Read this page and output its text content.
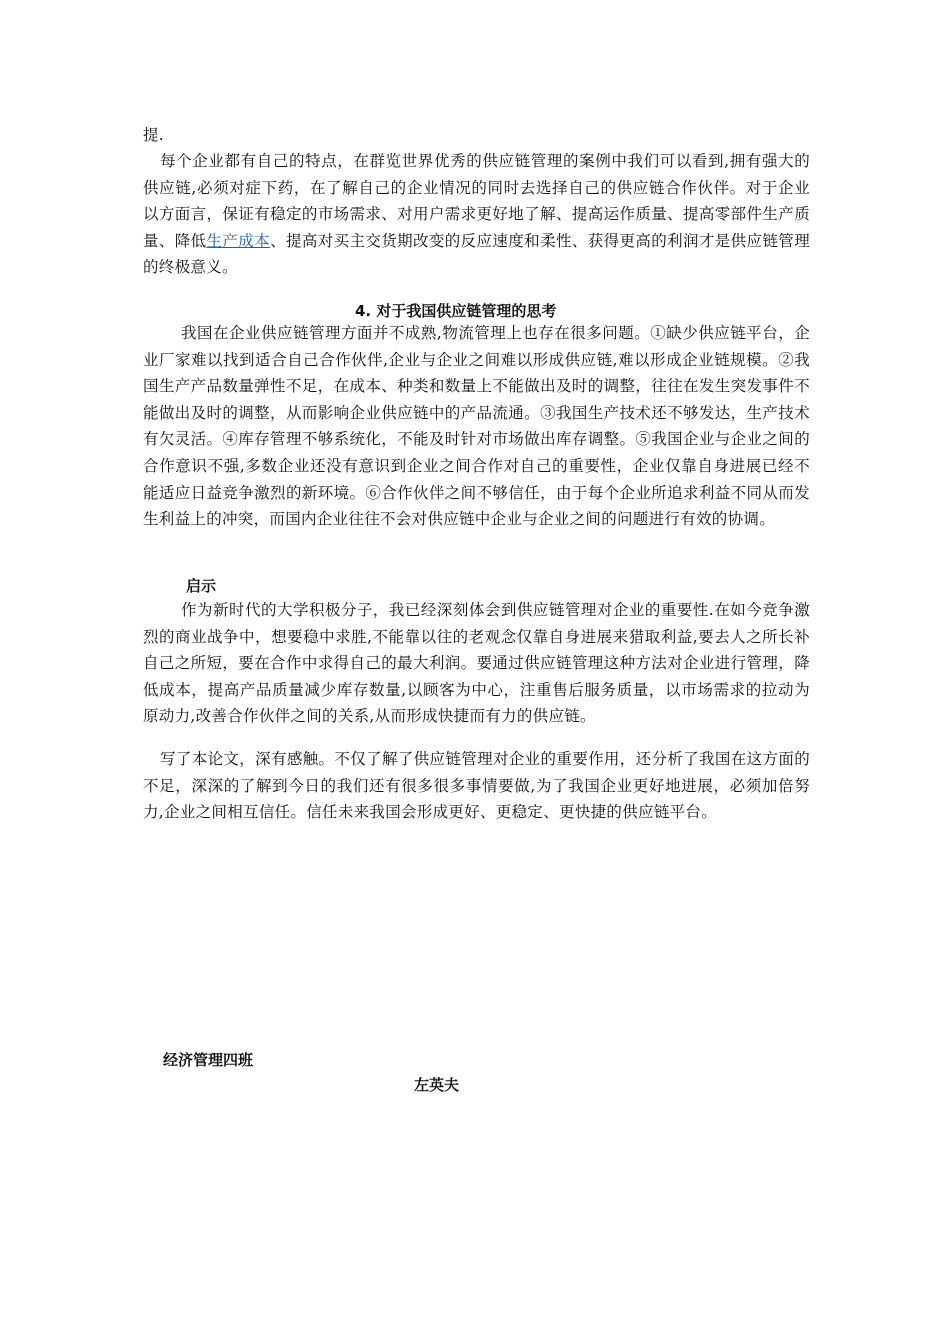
提.

每个企业都有自己的特点，在群览世界优秀的供应链管理的案例中我们可以看到,拥有强大的供应链,必须对症下药，在了解自己的企业情况的同时去选择自己的供应链合作伙伴。对于企业以方面言，保证有稳定的市场需求、对用户需求更好地了解、提高运作质量、提高零部件生产质量、降低生产成本、提高对买主交货期改变的反应速度和柔性、获得更高的利润才是供应链管理的终极意义。

4. 对于我国供应链管理的思考

我国在企业供应链管理方面并不成熟,物流管理上也存在很多问题。①缺少供应链平台，企业厂家难以找到适合自己合作伙伴,企业与企业之间难以形成供应链,难以形成企业链规模。②我国生产产品数量弹性不足，在成本、种类和数量上不能做出及时的调整，往往在发生突发事件不能做出及时的调整，从而影响企业供应链中的产品流通。③我国生产技术还不够发达，生产技术有欠灵活。④库存管理不够系统化，不能及时针对市场做出库存调整。⑤我国企业与企业之间的合作意识不强,多数企业还没有意识到企业之间合作对自己的重要性，企业仅靠自身进展已经不能适应日益竞争激烈的新环境。⑥合作伙伴之间不够信任，由于每个企业所追求利益不同从而发生利益上的冲突，而国内企业往往不会对供应链中企业与企业之间的问题进行有效的协调。

启示

作为新时代的大学积极分子，我已经深刻体会到供应链管理对企业的重要性.在如今竞争激烈的商业战争中，想要稳中求胜,不能靠以往的老观念仅靠自身进展来猎取利益,要去人之所长补自己之所短，要在合作中求得自己的最大利润。要通过供应链管理这种方法对企业进行管理，降低成本，提高产品质量减少库存数量,以顾客为中心，注重售后服务质量，以市场需求的拉动为原动力,改善合作伙伴之间的关系,从而形成快捷而有力的供应链。

写了本论文，深有感触。不仅了解了供应链管理对企业的重要作用，还分析了我国在这方面的不足，深深的了解到今日的我们还有很多很多事情要做,为了我国企业更好地进展，必须加倍努力,企业之间相互信任。信任未来我国会形成更好、更稳定、更快捷的供应链平台。

经济管理四班
左英夫
